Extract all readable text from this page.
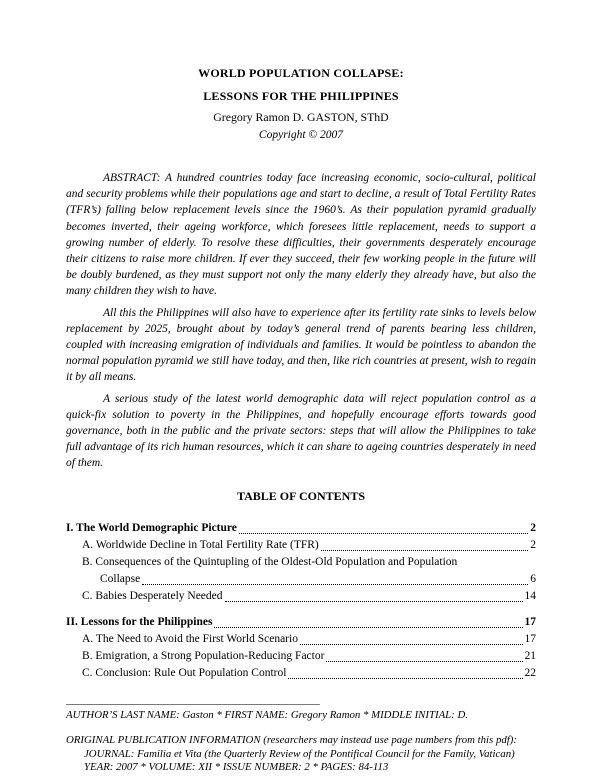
WORLD POPULATION COLLAPSE:
LESSONS FOR THE PHILIPPINES
Gregory Ramon D. GASTON, SThD
Copyright © 2007

ABSTRACT: A hundred countries today face increasing economic, socio-cultural, political and security problems while their populations age and start to decline, a result of Total Fertility Rates (TFR’s) falling below replacement levels since the 1960’s. As their population pyramid gradually becomes inverted, their ageing workforce, which foresees little replacement, needs to support a growing number of elderly. To resolve these difficulties, their governments desperately encourage their citizens to raise more children. If ever they succeed, their few working people in the future will be doubly burdened, as they must support not only the many elderly they already have, but also the many children they wish to have.

All this the Philippines will also have to experience after its fertility rate sinks to levels below replacement by 2025, brought about by today’s general trend of parents bearing less children, coupled with increasing emigration of individuals and families. It would be pointless to abandon the normal population pyramid we still have today, and then, like rich countries at present, wish to regain it by all means.

A serious study of the latest world demographic data will reject population control as a quick-fix solution to poverty in the Philippines, and hopefully encourage efforts towards good governance, both in the public and the private sectors: steps that will allow the Philippines to take full advantage of its rich human resources, which it can share to ageing countries desperately in need of them.

TABLE OF CONTENTS
I. The World Demographic Picture	2
A. Worldwide Decline in Total Fertility Rate (TFR)	2
B. Consequences of the Quintupling of the Oldest-Old Population and Population
Collapse	6
C. Babies Desperately Needed	14
II. Lessons for the Philippines	17
A. The Need to Avoid the First World Scenario	17
B. Emigration, a Strong Population-Reducing Factor	21
C. Conclusion: Rule Out Population Control	22
_______________________________________________
AUTHOR’S LAST NAME: Gaston * FIRST NAME: Gregory Ramon * MIDDLE INITIAL: D.
ORIGINAL PUBLICATION INFORMATION (researchers may instead use page numbers from this pdf):
JOURNAL: Familia et Vita (the Quarterly Review of the Pontifical Council for the Family, Vatican)
YEAR: 2007 * VOLUME: XII * ISSUE NUMBER: 2 * PAGES: 84-113
